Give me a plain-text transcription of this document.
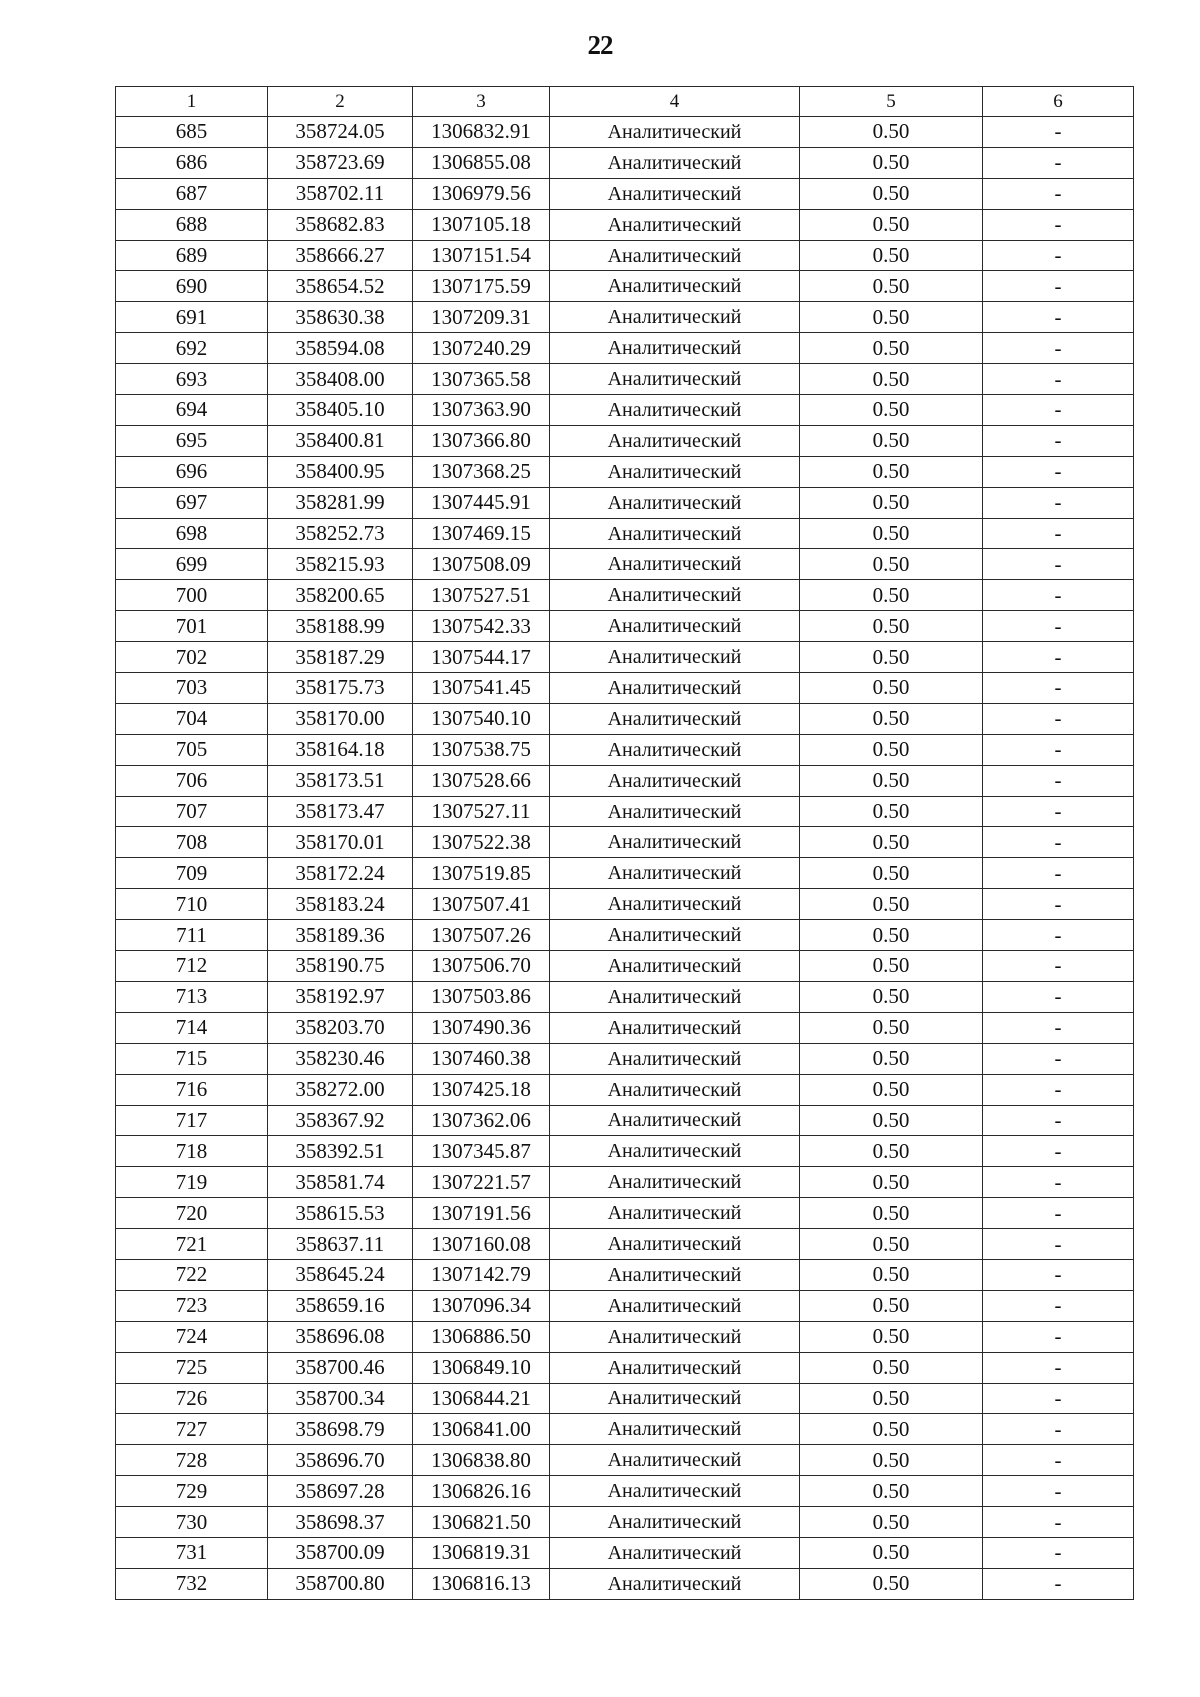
22
1	2	3	4	5	6
685	358724.05	1306832.91	Аналитический	0.50	-
686	358723.69	1306855.08	Аналитический	0.50	-
687	358702.11	1306979.56	Аналитический	0.50	-
688	358682.83	1307105.18	Аналитический	0.50	-
689	358666.27	1307151.54	Аналитический	0.50	-
690	358654.52	1307175.59	Аналитический	0.50	-
691	358630.38	1307209.31	Аналитический	0.50	-
692	358594.08	1307240.29	Аналитический	0.50	-
693	358408.00	1307365.58	Аналитический	0.50	-
694	358405.10	1307363.90	Аналитический	0.50	-
695	358400.81	1307366.80	Аналитический	0.50	-
696	358400.95	1307368.25	Аналитический	0.50	-
697	358281.99	1307445.91	Аналитический	0.50	-
698	358252.73	1307469.15	Аналитический	0.50	-
699	358215.93	1307508.09	Аналитический	0.50	-
700	358200.65	1307527.51	Аналитический	0.50	-
701	358188.99	1307542.33	Аналитический	0.50	-
702	358187.29	1307544.17	Аналитический	0.50	-
703	358175.73	1307541.45	Аналитический	0.50	-
704	358170.00	1307540.10	Аналитический	0.50	-
705	358164.18	1307538.75	Аналитический	0.50	-
706	358173.51	1307528.66	Аналитический	0.50	-
707	358173.47	1307527.11	Аналитический	0.50	-
708	358170.01	1307522.38	Аналитический	0.50	-
709	358172.24	1307519.85	Аналитический	0.50	-
710	358183.24	1307507.41	Аналитический	0.50	-
711	358189.36	1307507.26	Аналитический	0.50	-
712	358190.75	1307506.70	Аналитический	0.50	-
713	358192.97	1307503.86	Аналитический	0.50	-
714	358203.70	1307490.36	Аналитический	0.50	-
715	358230.46	1307460.38	Аналитический	0.50	-
716	358272.00	1307425.18	Аналитический	0.50	-
717	358367.92	1307362.06	Аналитический	0.50	-
718	358392.51	1307345.87	Аналитический	0.50	-
719	358581.74	1307221.57	Аналитический	0.50	-
720	358615.53	1307191.56	Аналитический	0.50	-
721	358637.11	1307160.08	Аналитический	0.50	-
722	358645.24	1307142.79	Аналитический	0.50	-
723	358659.16	1307096.34	Аналитический	0.50	-
724	358696.08	1306886.50	Аналитический	0.50	-
725	358700.46	1306849.10	Аналитический	0.50	-
726	358700.34	1306844.21	Аналитический	0.50	-
727	358698.79	1306841.00	Аналитический	0.50	-
728	358696.70	1306838.80	Аналитический	0.50	-
729	358697.28	1306826.16	Аналитический	0.50	-
730	358698.37	1306821.50	Аналитический	0.50	-
731	358700.09	1306819.31	Аналитический	0.50	-
732	358700.80	1306816.13	Аналитический	0.50	-
